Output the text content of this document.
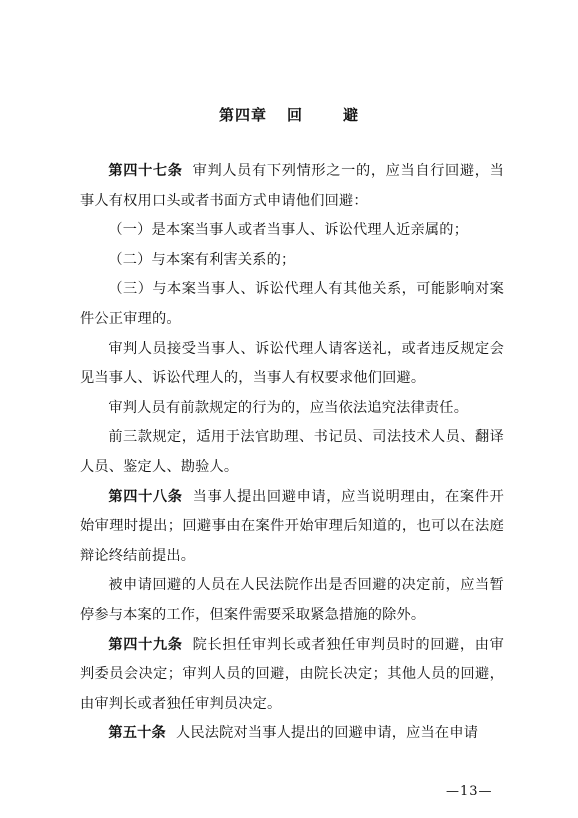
第四章 回	避

第四十七条 审判人员有下列情形之一的，应当自行回避，当事人有权用口头或者书面方式申请他们回避：

（一）是本案当事人或者当事人、诉讼代理人近亲属的；

（二）与本案有利害关系的；

（三）与本案当事人、诉讼代理人有其他关系，可能影响对案件公正审理的。

审判人员接受当事人、诉讼代理人请客送礼，或者违反规定会见当事人、诉讼代理人的，当事人有权要求他们回避。

审判人员有前款规定的行为的，应当依法追究法律责任。

前三款规定，适用于法官助理、书记员、司法技术人员、翻译人员、鉴定人、勘验人。

第四十八条 当事人提出回避申请，应当说明理由，在案件开始审理时提出；回避事由在案件开始审理后知道的，也可以在法庭辩论终结前提出。

被申请回避的人员在人民法院作出是否回避的决定前，应当暂停参与本案的工作，但案件需要采取紧急措施的除外。

第四十九条 院长担任审判长或者独任审判员时的回避，由审判委员会决定；审判人员的回避，由院长决定；其他人员的回避，由审判长或者独任审判员决定。

第五十条 人民法院对当事人提出的回避申请，应当在申请

—13—
